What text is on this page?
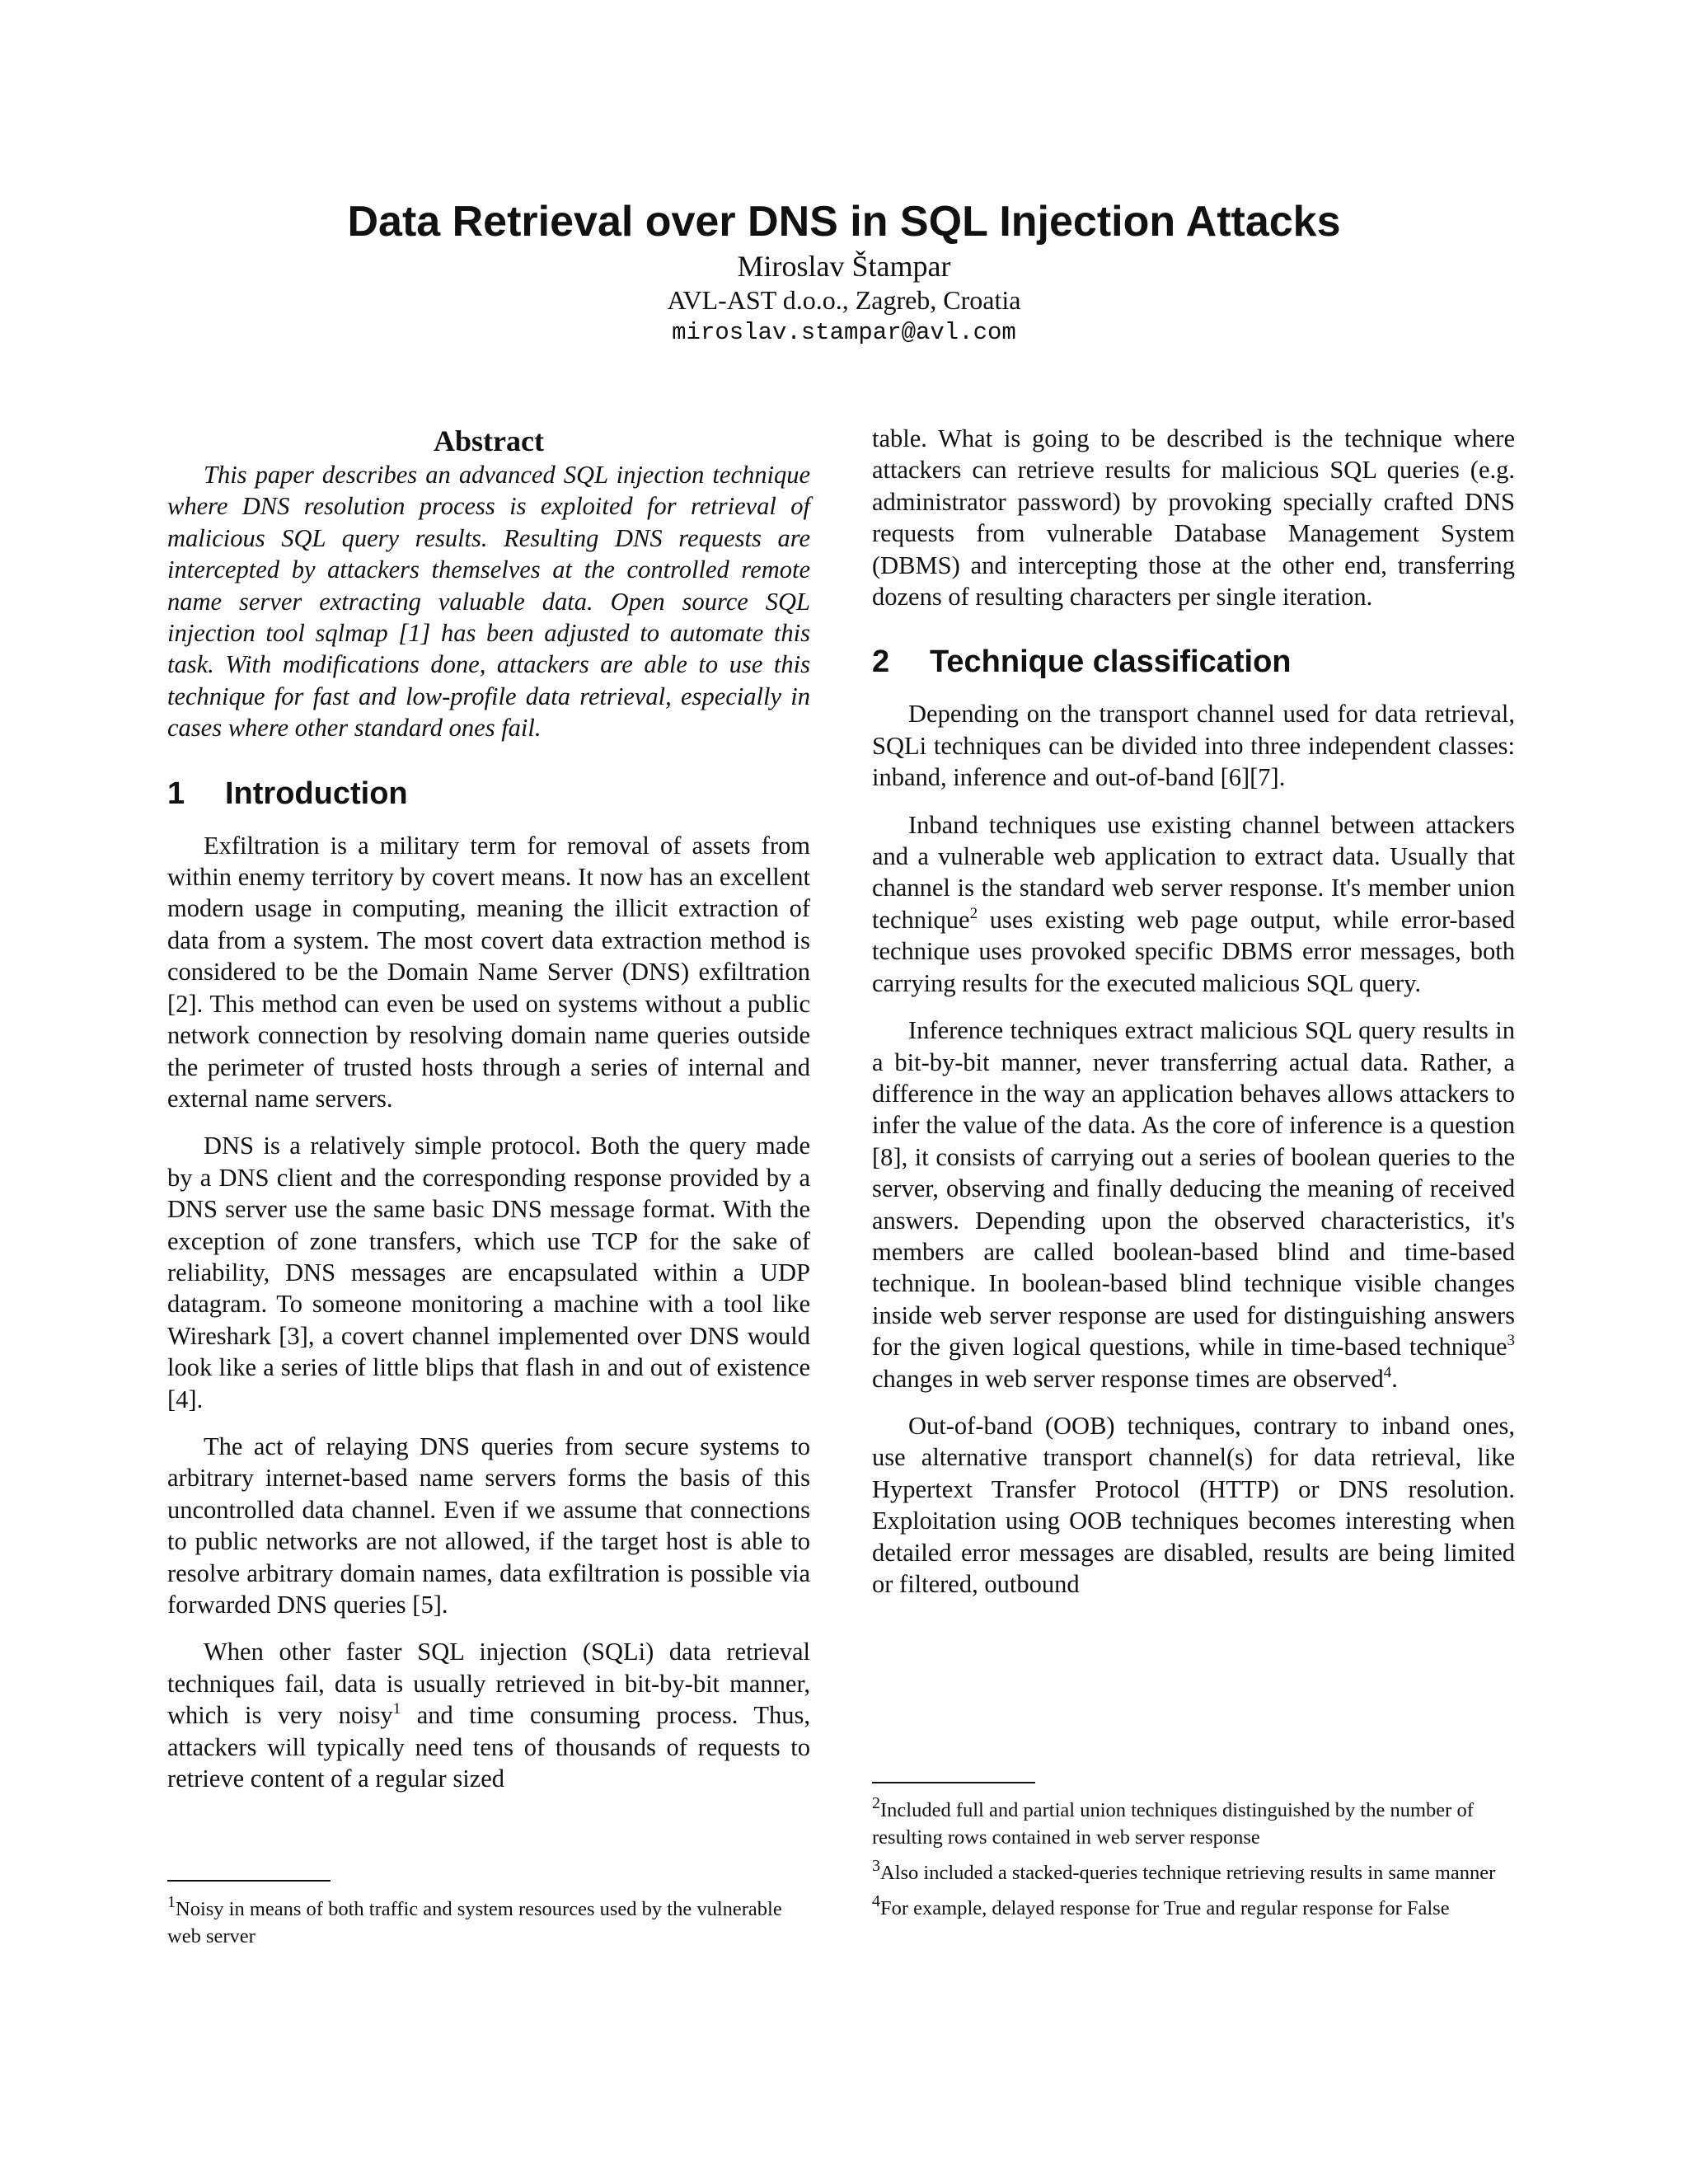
Data Retrieval over DNS in SQL Injection Attacks
Miroslav Štampar
AVL-AST d.o.o., Zagreb, Croatia
miroslav.stampar@avl.com
Abstract

This paper describes an advanced SQL injection technique where DNS resolution process is exploited for retrieval of malicious SQL query results. Resulting DNS requests are intercepted by attackers themselves at the controlled remote name server extracting valuable data. Open source SQL injection tool sqlmap [1] has been adjusted to automate this task. With modifications done, attackers are able to use this technique for fast and low-profile data retrieval, especially in cases where other standard ones fail.

1 Introduction

Exfiltration is a military term for removal of assets from within enemy territory by covert means. It now has an excellent modern usage in computing, meaning the illicit extraction of data from a system. The most covert data extraction method is considered to be the Domain Name Server (DNS) exfiltration [2]. This method can even be used on systems without a public network connection by resolving domain name queries outside the perimeter of trusted hosts through a series of internal and external name servers.

DNS is a relatively simple protocol. Both the query made by a DNS client and the corresponding response provided by a DNS server use the same basic DNS message format. With the exception of zone transfers, which use TCP for the sake of reliability, DNS messages are encapsulated within a UDP datagram. To someone monitoring a machine with a tool like Wireshark [3], a covert channel implemented over DNS would look like a series of little blips that flash in and out of existence [4].

The act of relaying DNS queries from secure systems to arbitrary internet-based name servers forms the basis of this uncontrolled data channel. Even if we assume that connections to public networks are not allowed, if the target host is able to resolve arbitrary domain names, data exfiltration is possible via forwarded DNS queries [5].

When other faster SQL injection (SQLi) data retrieval techniques fail, data is usually retrieved in bit-by-bit manner, which is very noisy$^1$ and time consuming process. Thus, attackers will typically need tens of thousands of requests to retrieve content of a regular sized

$^1$Noisy in means of both traffic and system resources used by the vulnerable web server

table. What is going to be described is the technique where attackers can retrieve results for malicious SQL queries (e.g. administrator password) by provoking specially crafted DNS requests from vulnerable Database Management System (DBMS) and intercepting those at the other end, transferring dozens of resulting characters per single iteration.

2 Technique classification

Depending on the transport channel used for data retrieval, SQLi techniques can be divided into three independent classes: inband, inference and out-of-band [6][7].

Inband techniques use existing channel between attackers and a vulnerable web application to extract data. Usually that channel is the standard web server response. It's member union technique$^2$ uses existing web page output, while error-based technique uses provoked specific DBMS error messages, both carrying results for the executed malicious SQL query.

Inference techniques extract malicious SQL query results in a bit-by-bit manner, never transferring actual data. Rather, a difference in the way an application behaves allows attackers to infer the value of the data. As the core of inference is a question [8], it consists of carrying out a series of boolean queries to the server, observing and finally deducing the meaning of received answers. Depending upon the observed characteristics, it's members are called boolean-based blind and time-based technique. In boolean-based blind technique visible changes inside web server response are used for distinguishing answers for the given logical questions, while in time-based technique$^3$ changes in web server response times are observed$^4$.

Out-of-band (OOB) techniques, contrary to inband ones, use alternative transport channel(s) for data retrieval, like Hypertext Transfer Protocol (HTTP) or DNS resolution. Exploitation using OOB techniques becomes interesting when detailed error messages are disabled, results are being limited or filtered, outbound

$^2$Included full and partial union techniques distinguished by the number of resulting rows contained in web server response

$^3$Also included a stacked-queries technique retrieving results in same manner

$^4$For example, delayed response for True and regular response for False
